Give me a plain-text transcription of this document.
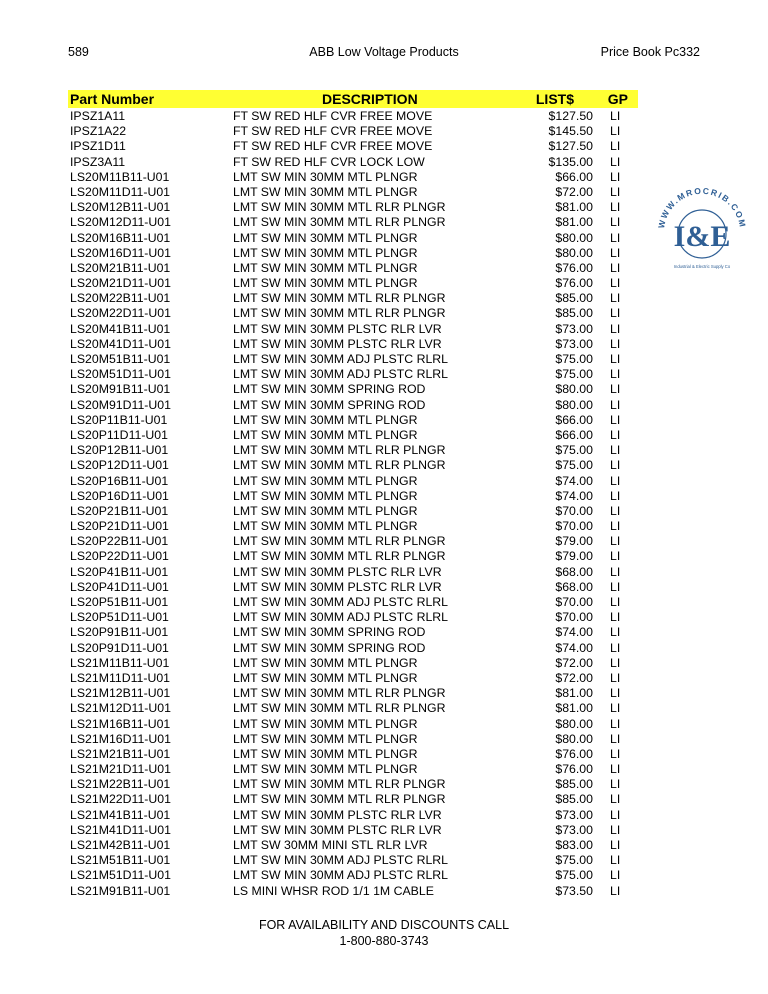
589	ABB Low Voltage Products	Price Book Pc332
Part Number	DESCRIPTION	LIST$ GP
IPSZ1A11	FT SW RED HLF CVR FREE MOVE	$127.50 LI
IPSZ1A22	FT SW RED HLF CVR FREE MOVE	$145.50 LI
IPSZ1D11	FT SW RED HLF CVR FREE MOVE	$127.50 LI
IPSZ3A11	FT SW RED HLF CVR LOCK LOW	$135.00 LI
LS20M11B11-U01	LMT SW MIN 30MM MTL PLNGR	$66.00 LI
LS20M11D11-U01	LMT SW MIN 30MM MTL PLNGR	$72.00 LI
LS20M12B11-U01	LMT SW MIN 30MM MTL RLR PLNGR	$81.00 LI
LS20M12D11-U01	LMT SW MIN 30MM MTL RLR PLNGR	$81.00 LI
LS20M16B11-U01	LMT SW MIN 30MM MTL PLNGR	$80.00 LI
LS20M16D11-U01	LMT SW MIN 30MM MTL PLNGR	$80.00 LI
LS20M21B11-U01	LMT SW MIN 30MM MTL PLNGR	$76.00 LI
LS20M21D11-U01	LMT SW MIN 30MM MTL PLNGR	$76.00 LI
LS20M22B11-U01	LMT SW MIN 30MM MTL RLR PLNGR	$85.00 LI
LS20M22D11-U01	LMT SW MIN 30MM MTL RLR PLNGR	$85.00 LI
LS20M41B11-U01	LMT SW MIN 30MM PLSTC RLR LVR	$73.00 LI
LS20M41D11-U01	LMT SW MIN 30MM PLSTC RLR LVR	$73.00 LI
LS20M51B11-U01	LMT SW MIN 30MM ADJ PLSTC RLRL	$75.00 LI
LS20M51D11-U01	LMT SW MIN 30MM ADJ PLSTC RLRL	$75.00 LI
LS20M91B11-U01	LMT SW MIN 30MM SPRING ROD	$80.00 LI
LS20M91D11-U01	LMT SW MIN 30MM SPRING ROD	$80.00 LI
LS20P11B11-U01	LMT SW MIN 30MM MTL PLNGR	$66.00 LI
LS20P11D11-U01	LMT SW MIN 30MM MTL PLNGR	$66.00 LI
LS20P12B11-U01	LMT SW MIN 30MM MTL RLR PLNGR	$75.00 LI
LS20P12D11-U01	LMT SW MIN 30MM MTL RLR PLNGR	$75.00 LI
LS20P16B11-U01	LMT SW MIN 30MM MTL PLNGR	$74.00 LI
LS20P16D11-U01	LMT SW MIN 30MM MTL PLNGR	$74.00 LI
LS20P21B11-U01	LMT SW MIN 30MM MTL PLNGR	$70.00 LI
LS20P21D11-U01	LMT SW MIN 30MM MTL PLNGR	$70.00 LI
LS20P22B11-U01	LMT SW MIN 30MM MTL RLR PLNGR	$79.00 LI
LS20P22D11-U01	LMT SW MIN 30MM MTL RLR PLNGR	$79.00 LI
LS20P41B11-U01	LMT SW MIN 30MM PLSTC RLR LVR	$68.00 LI
LS20P41D11-U01	LMT SW MIN 30MM PLSTC RLR LVR	$68.00 LI
LS20P51B11-U01	LMT SW MIN 30MM ADJ PLSTC RLRL	$70.00 LI
LS20P51D11-U01	LMT SW MIN 30MM ADJ PLSTC RLRL	$70.00 LI
LS20P91B11-U01	LMT SW MIN 30MM SPRING ROD	$74.00 LI
LS20P91D11-U01	LMT SW MIN 30MM SPRING ROD	$74.00 LI
LS21M11B11-U01	LMT SW MIN 30MM MTL PLNGR	$72.00 LI
LS21M11D11-U01	LMT SW MIN 30MM MTL PLNGR	$72.00 LI
LS21M12B11-U01	LMT SW MIN 30MM MTL RLR PLNGR	$81.00 LI
LS21M12D11-U01	LMT SW MIN 30MM MTL RLR PLNGR	$81.00 LI
LS21M16B11-U01	LMT SW MIN 30MM MTL PLNGR	$80.00 LI
LS21M16D11-U01	LMT SW MIN 30MM MTL PLNGR	$80.00 LI
LS21M21B11-U01	LMT SW MIN 30MM MTL PLNGR	$76.00 LI
LS21M21D11-U01	LMT SW MIN 30MM MTL PLNGR	$76.00 LI
LS21M22B11-U01	LMT SW MIN 30MM MTL RLR PLNGR	$85.00 LI
LS21M22D11-U01	LMT SW MIN 30MM MTL RLR PLNGR	$85.00 LI
LS21M41B11-U01	LMT SW MIN 30MM PLSTC RLR LVR	$73.00 LI
LS21M41D11-U01	LMT SW MIN 30MM PLSTC RLR LVR	$73.00 LI
LS21M42B11-U01	LMT SW 30MM MINI STL RLR LVR	$83.00 LI
LS21M51B11-U01	LMT SW MIN 30MM ADJ PLSTC RLRL	$75.00 LI
LS21M51D11-U01	LMT SW MIN 30MM ADJ PLSTC RLRL	$75.00 LI
LS21M91B11-U01	LS MINI WHSR ROD 1/1 1M CABLE	$73.50 LI
WWW.MROCRIB.COM
I&E
Industrial & Electric Supply Co
FOR AVAILABILITY AND DISCOUNTS CALL
1-800-880-3743
